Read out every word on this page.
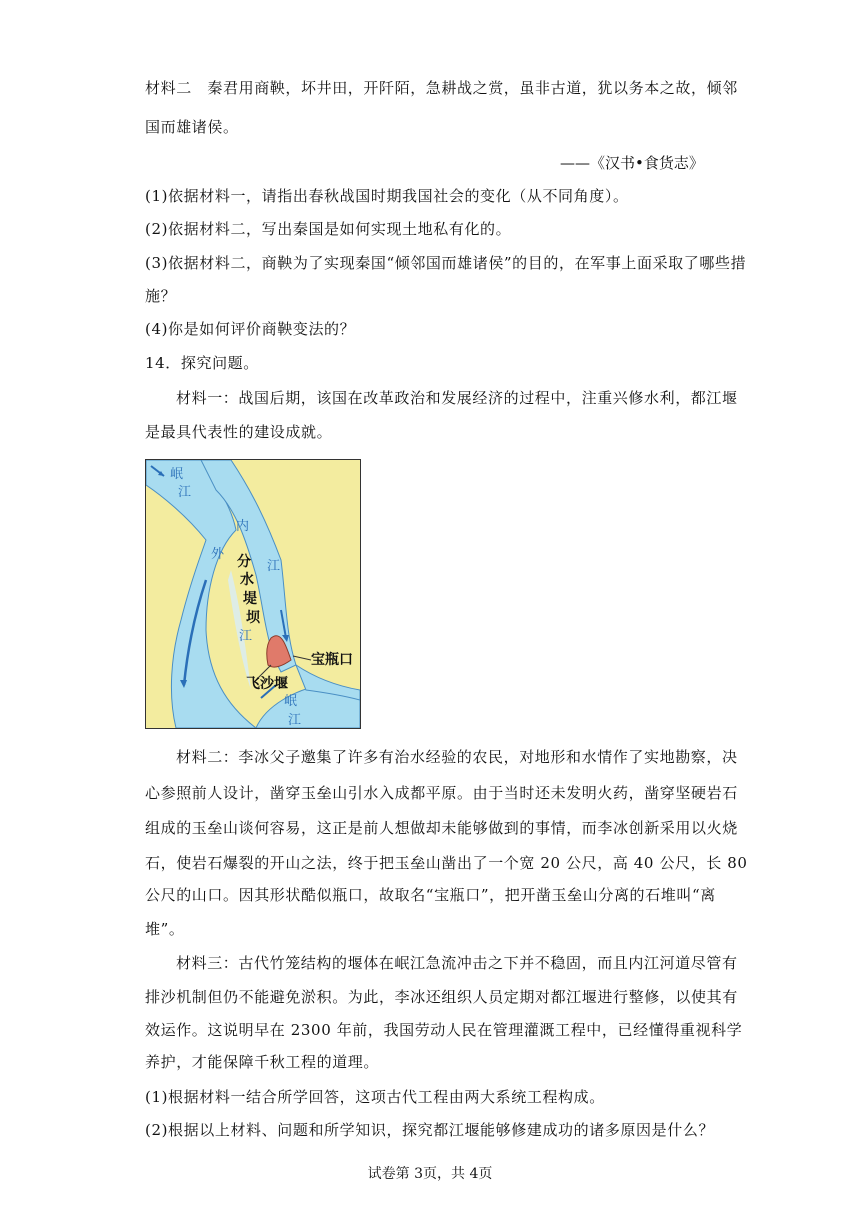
材料二　秦君用商鞅，坏井田，开阡陌，急耕战之赏，虽非古道，犹以务本之故，倾邻
国而雄诸侯。
——《汉书•食货志》
(1)依据材料一，请指出春秋战国时期我国社会的变化（从不同角度）。
(2)依据材料二，写出秦国是如何实现土地私有化的。
(3)依据材料二，商鞅为了实现秦国“倾邻国而雄诸侯”的目的，在军事上面采取了哪些措
施？
(4)你是如何评价商鞅变法的？
14．探究问题。
材料一：战国后期，该国在改革政治和发展经济的过程中，注重兴修水利，都江堰
是最具代表性的建设成就。
岷
江
内
江
外
江
分
水
堤
坝
宝瓶口
飞沙堰
岷
江
材料二：李冰父子邀集了许多有治水经验的农民，对地形和水情作了实地勘察，决
心参照前人设计，凿穿玉垒山引水入成都平原。由于当时还未发明火药，凿穿坚硬岩石
组成的玉垒山谈何容易，这正是前人想做却未能够做到的事情，而李冰创新采用以火烧
石，使岩石爆裂的开山之法，终于把玉垒山凿出了一个宽 20 公尺，高 40 公尺，长 80
公尺的山口。因其形状酷似瓶口，故取名“宝瓶口”，把开凿玉垒山分离的石堆叫“离
堆”。
材料三：古代竹笼结构的堰体在岷江急流冲击之下并不稳固，而且内江河道尽管有
排沙机制但仍不能避免淤积。为此，李冰还组织人员定期对都江堰进行整修，以使其有
效运作。这说明早在 2300 年前，我国劳动人民在管理灌溉工程中，已经懂得重视科学
养护，才能保障千秋工程的道理。
(1)根据材料一结合所学回答，这项古代工程由两大系统工程构成。
(2)根据以上材料、问题和所学知识，探究都江堰能够修建成功的诸多原因是什么？
试卷第 3页，共 4页
